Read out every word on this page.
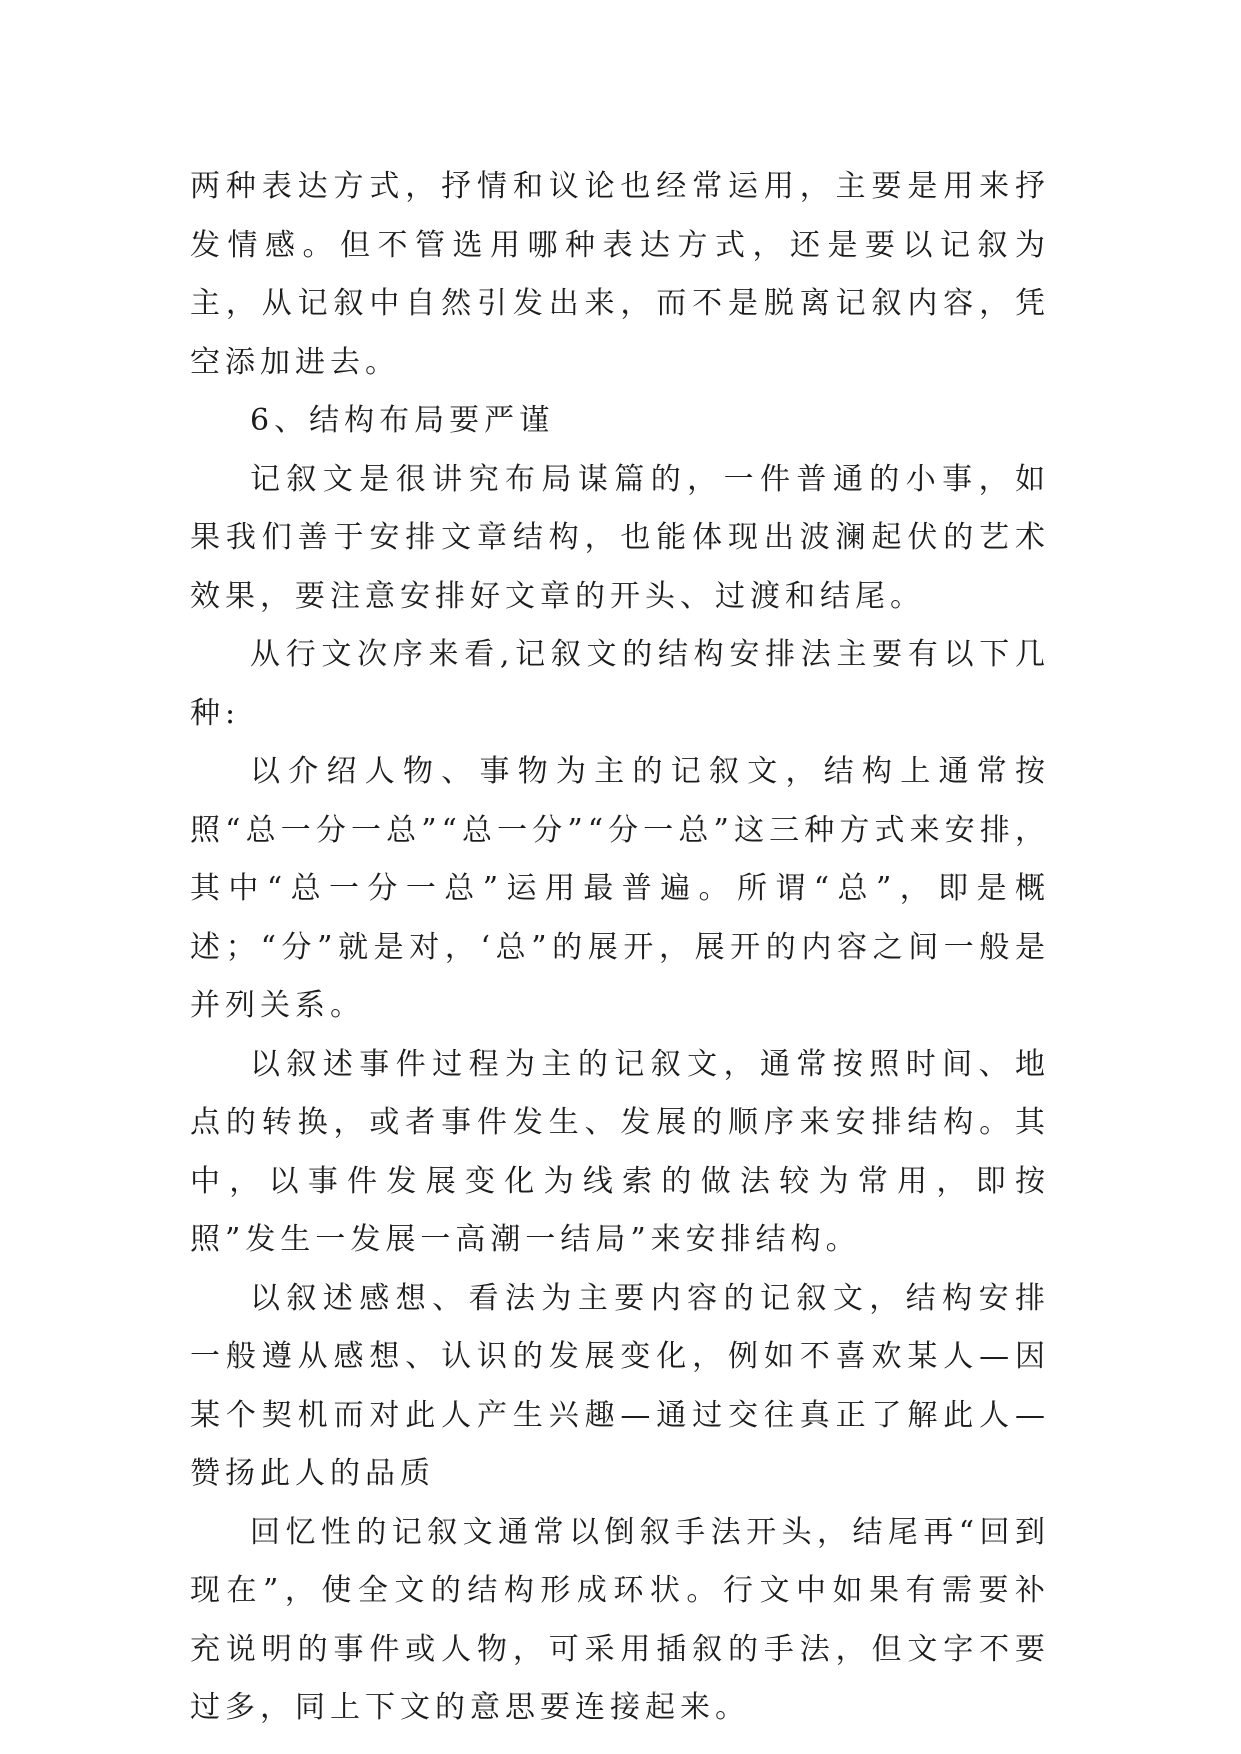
两种表达方式，抒情和议论也经常运用，主要是用来抒发情感。但不管选用哪种表达方式，还是要以记叙为主，从记叙中自然引发出来，而不是脱离记叙内容，凭空添加进去。

6、结构布局要严谨

记叙文是很讲究布局谋篇的，一件普通的小事，如果我们善于安排文章结构，也能体现出波澜起伏的艺术效果，要注意安排好文章的开头、过渡和结尾。

从行文次序来看,记叙文的结构安排法主要有以下几种:

以介绍人物、事物为主的记叙文，结构上通常按照“总一分一总”“总一分”“分一总”这三种方式来安排，其中“总一分一总”运用最普遍。所谓“总”，即是概述；“分”就是对，‘总”的展开，展开的内容之间一般是并列关系。

以叙述事件过程为主的记叙文，通常按照时间、地点的转换，或者事件发生、发展的顺序来安排结构。其中，以事件发展变化为线索的做法较为常用，即按照”发生一发展一高潮一结局”来安排结构。

以叙述感想、看法为主要内容的记叙文，结构安排一般遵从感想、认识的发展变化，例如不喜欢某人—因某个契机而对此人产生兴趣—通过交往真正了解此人—赞扬此人的品质

回忆性的记叙文通常以倒叙手法开头，结尾再“回到现在”，使全文的结构形成环状。行文中如果有需要补充说明的事件或人物，可采用插叙的手法，但文字不要过多，同上下文的意思要连接起来。
